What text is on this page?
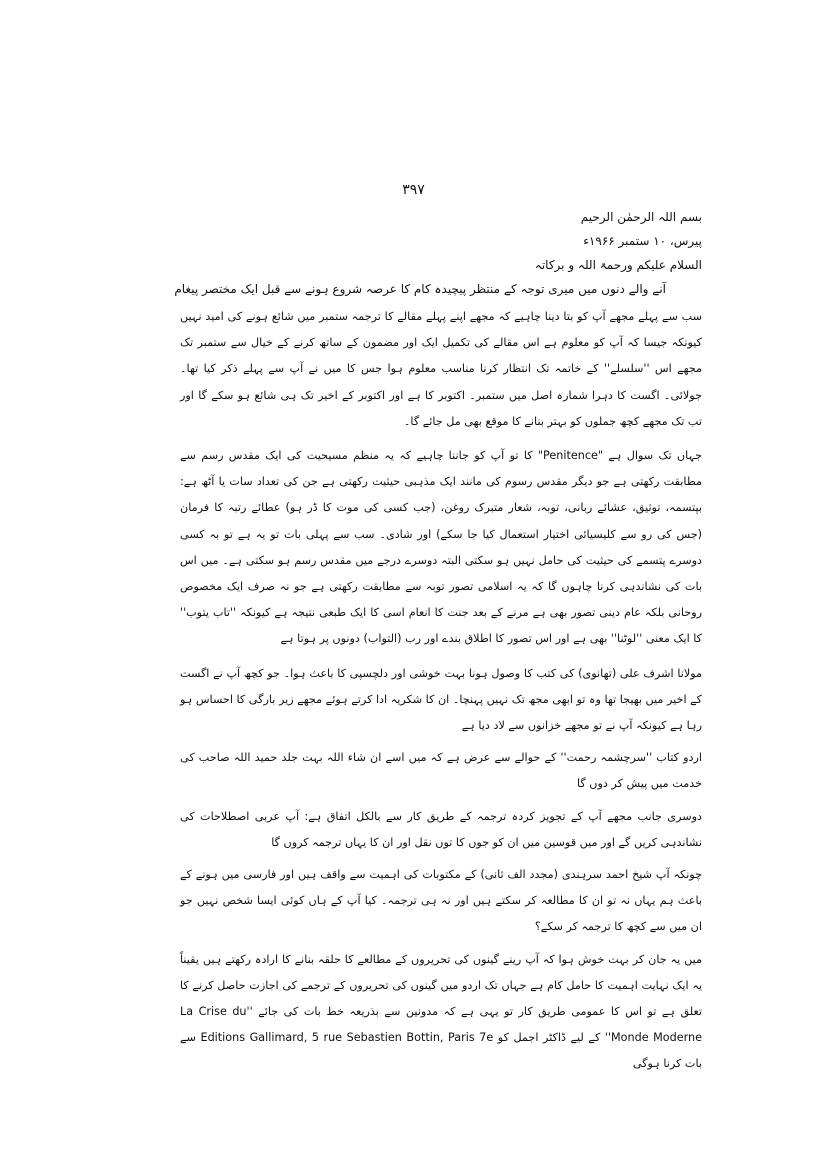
۳۹۷

بسم اللہ الرحمٰن الرحیم

پیرس، ۱۰ ستمبر ۱۹۶۶ء

السلام علیکم ورحمۃ اللہ و برکاتہ

آنے والے دنوں میں میری توجہ کے منتظر پیچیدہ کام کا عرصہ شروع ہونے سے قبل ایک مختصر پیغام

سب سے پہلے مجھے آپ کو بتا دینا چاہیے کہ مجھے اپنے پہلے مقالے کا ترجمہ ستمبر میں شائع ہونے کی امید نہیں کیونکہ جیسا کہ آپ کو معلوم ہے اس مقالے کی تکمیل ایک اور مضمون کے ساتھ کرنے کے خیال سے ستمبر تک مجھے اس ''سلسلے'' کے خاتمہ تک انتظار کرنا مناسب معلوم ہوا جس کا میں نے آپ سے پہلے ذکر کیا تھا۔ جولائی۔ اگست کا دہرا شمارہ اصل میں ستمبر۔ اکتوبر کا ہے اور اکتوبر کے اخیر تک ہی شائع ہو سکے گا اور تب تک مجھے کچھ جملوں کو بہتر بنانے کا موقع بھی مل جائے گا۔

جہاں تک سوال ہے "Penitence" کا تو آپ کو جاننا چاہیے کہ یہ منظم مسیحیت کی ایک مقدس رسم سے مطابقت رکھتی ہے جو دیگر مقدس رسوم کی مانند ایک مذہبی حیثیت رکھتی ہے جن کی تعداد سات یا آٹھ ہے: بپتسمہ، توثیق، عشائے ربانی، توبہ، شعار متبرک روغن، (جب کسی کی موت کا ڈر ہو) عطائے رتبہ کا فرمان (جس کی رو سے کلیسیائی اختیار استعمال کیا جا سکے) اور شادی۔ سب سے پہلی بات تو یہ ہے تو بہ کسی دوسرے پتسمے کی حیثیت کی حامل نہیں ہو سکتی البتہ دوسرے درجے میں مقدس رسم ہو سکتی ہے۔ میں اس بات کی نشاندہی کرنا چاہوں گا کہ یہ اسلامی تصور توبہ سے مطابقت رکھتی ہے جو نہ صرف ایک مخصوص روحانی بلکہ عام دینی تصور بھی ہے مرنے کے بعد جنت کا انعام اسی کا ایک طبعی نتیجہ ہے کیونکہ ''تاب یتوب'' کا ایک معنی ''لوٹنا'' بھی ہے اور اس تصور کا اطلاق بندے اور رب (التواب) دونوں پر ہوتا ہے

مولانا اشرف علی (تھانوی) کی کتب کا وصول ہونا بہت خوشی اور دلچسپی کا باعث ہوا۔ جو کچھ آپ نے اگست کے اخیر میں بھیجا تھا وہ تو ابھی مجھ تک نہیں پہنچا۔ ان کا شکریہ ادا کرتے ہوئے مجھے زیر بارگی کا احساس ہو رہا ہے کیونکہ آپ نے تو مجھے خزانوں سے لاد دیا ہے

اردو کتاب ''سرچشمہ رحمت'' کے حوالے سے عرض ہے کہ میں اسے ان شاء اللہ بہت جلد حمید اللہ صاحب کی خدمت میں پیش کر دوں گا

دوسری جانب مجھے آپ کے تجویز کردہ ترجمہ کے طریق کار سے بالکل اتفاق ہے: آپ عربی اصطلاحات کی نشاندہی کریں گے اور میں قوسین میں ان کو جوں کا توں نقل اور ان کا یہاں ترجمہ کروں گا

چونکہ آپ شیخ احمد سرہندی (مجدد الف ثانی) کے مکتوبات کی اہمیت سے واقف ہیں اور فارسی میں ہونے کے باعث ہم یہاں نہ تو ان کا مطالعہ کر سکتے ہیں اور نہ ہی ترجمہ۔ کیا آپ کے ہاں کوئی ایسا شخص نہیں جو ان میں سے کچھ کا ترجمہ کر سکے؟

میں یہ جان کر بہت خوش ہوا کہ آپ رینے گینوں کی تحریروں کے مطالعے کا حلقہ بنانے کا ارادہ رکھتے ہیں یقیناً یہ ایک نہایت اہمیت کا حامل کام ہے جہاں تک اردو میں گینوں کی تحریروں کے ترجمے کی اجازت حاصل کرنے کا تعلق ہے تو اس کا عمومی طریق کار تو یہی ہے کہ مدونین سے بذریعہ خط بات کی جائے ''La Crise du Monde Moderne'' کے لیے ڈاکٹر اجمل کو Editions Gallimard, 5 rue Sebastien Bottin, Paris 7e سے بات کرنا ہوگی
